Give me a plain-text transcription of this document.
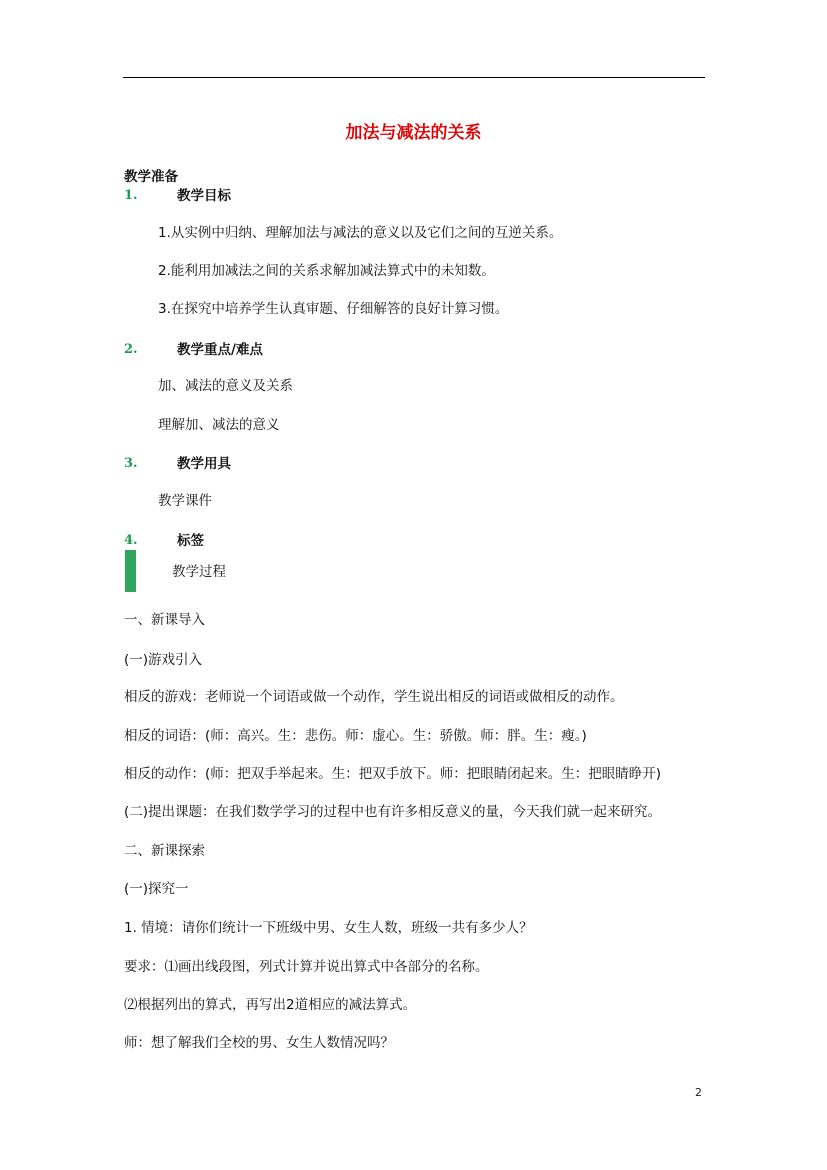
加法与减法的关系
教学准备
1.	教学目标
1.从实例中归纳、理解加法与减法的意义以及它们之间的互逆关系。
2.能利用加减法之间的关系求解加减法算式中的未知数。
3.在探究中培养学生认真审题、仔细解答的良好计算习惯。
2.	教学重点/难点
加、减法的意义及关系
理解加、减法的意义
3.	教学用具
教学课件
4.	标签
教学过程
一、新课导入
(一)游戏引入
相反的游戏：老师说一个词语或做一个动作，学生说出相反的词语或做相反的动作。
相反的词语：(师：高兴。生：悲伤。师：虚心。生：骄傲。师：胖。生：瘦。)
相反的动作：(师：把双手举起来。生：把双手放下。师：把眼睛闭起来。生：把眼睛睁开)
(二)提出课题：在我们数学学习的过程中也有许多相反意义的量，今天我们就一起来研究。
二、新课探索
(一)探究一
1. 情境：请你们统计一下班级中男、女生人数，班级一共有多少人？
要求：⑴画出线段图，列式计算并说出算式中各部分的名称。
⑵根据列出的算式，再写出2道相应的减法算式。
师：想了解我们全校的男、女生人数情况吗？
2
